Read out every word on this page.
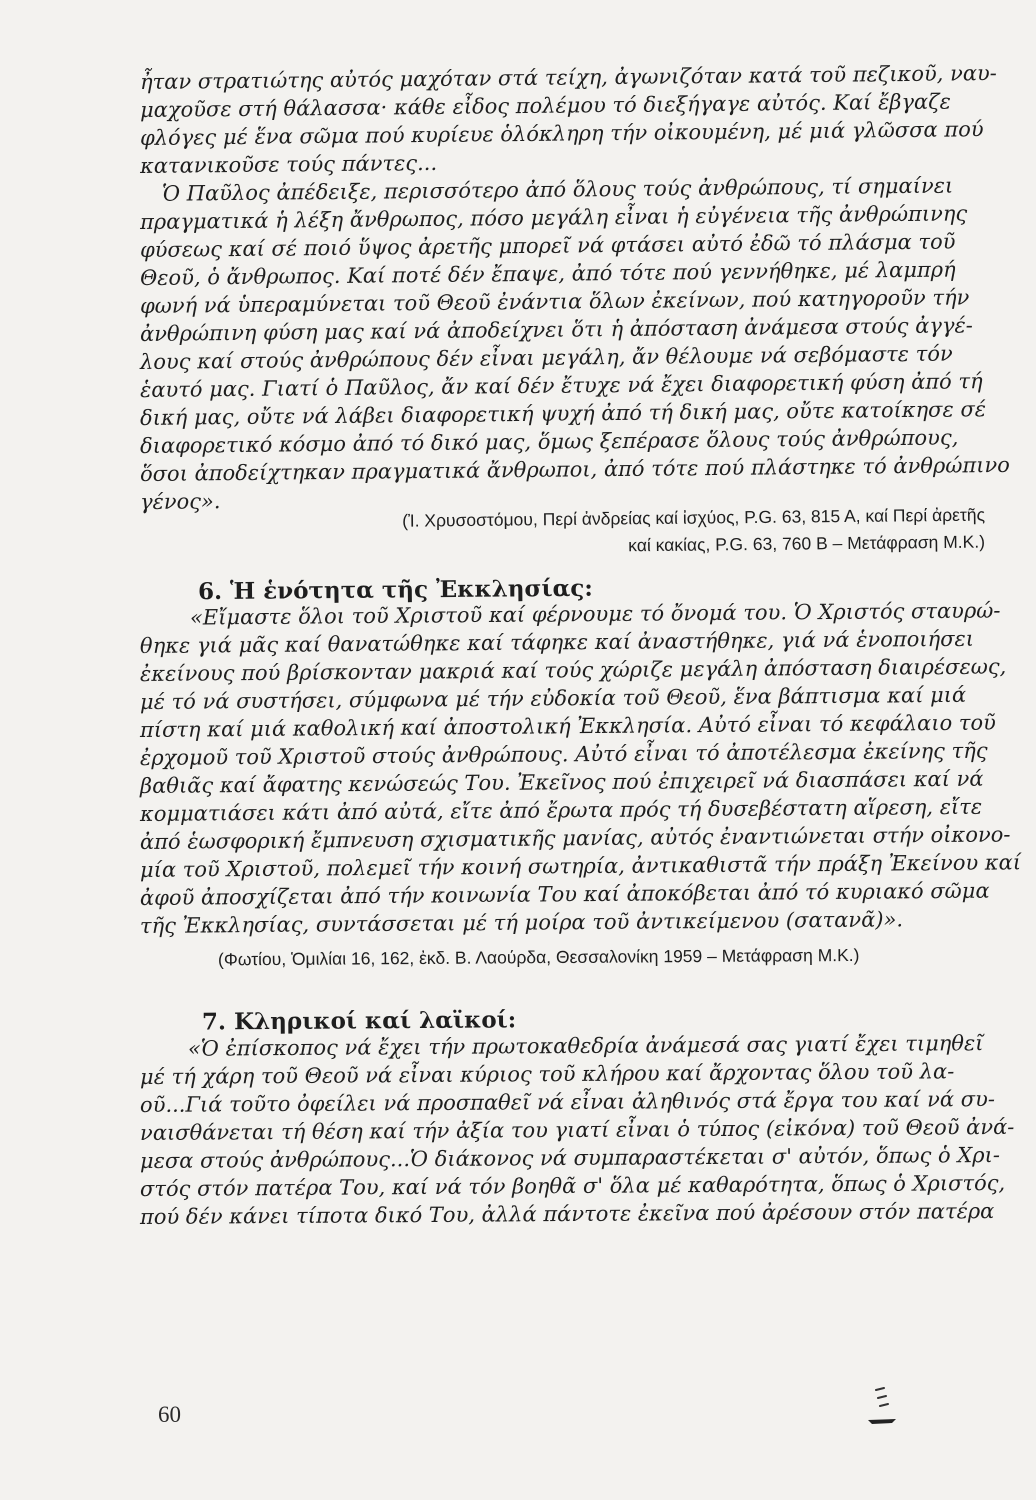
ἦταν στρατιώτης αὐτός μαχόταν στά τείχη, ἀγωνιζόταν κατά τοῦ πεζικοῦ, ναυ-
μαχοῦσε στή θάλασσα· κάθε εἶδος πολέμου τό διεξήγαγε αὐτός. Καί ἔβγαζε
φλόγες μέ ἕνα σῶμα πού κυρίευε ὁλόκληρη τήν οἰκουμένη, μέ μιά γλῶσσα πού
κατανικοῦσε τούς πάντες...
Ὁ Παῦλος ἀπέδειξε, περισσότερο ἀπό ὅλους τούς ἀνθρώπους, τί σημαίνει
πραγματικά ἡ λέξη ἄνθρωπος, πόσο μεγάλη εἶναι ἡ εὐγένεια τῆς ἀνθρώπινης
φύσεως καί σέ ποιό ὕψος ἀρετῆς μπορεῖ νά φτάσει αὐτό ἐδῶ τό πλάσμα τοῦ
Θεοῦ, ὁ ἄνθρωπος. Καί ποτέ δέν ἔπαψε, ἀπό τότε πού γεννήθηκε, μέ λαμπρή
φωνή νά ὑπεραμύνεται τοῦ Θεοῦ ἐνάντια ὅλων ἐκείνων, πού κατηγοροῦν τήν
ἀνθρώπινη φύση μας καί νά ἀποδείχνει ὅτι ἡ ἀπόσταση ἀνάμεσα στούς ἀγγέ-
λους καί στούς ἀνθρώπους δέν εἶναι μεγάλη, ἄν θέλουμε νά σεβόμαστε τόν
ἑαυτό μας. Γιατί ὁ Παῦλος, ἄν καί δέν ἔτυχε νά ἔχει διαφορετική φύση ἀπό τή
δική μας, οὔτε νά λάβει διαφορετική ψυχή ἀπό τή δική μας, οὔτε κατοίκησε σέ
διαφορετικό κόσμο ἀπό τό δικό μας, ὅμως ξεπέρασε ὅλους τούς ἀνθρώπους,
ὅσοι ἀποδείχτηκαν πραγματικά ἄνθρωποι, ἀπό τότε πού πλάστηκε τό ἀνθρώπινο
γένος».
(Ἰ. Χρυσοστόμου, Περί ἀνδρείας καί ἰσχύος, P.G. 63, 815 A, καί Περί ἀρετῆς
καί κακίας, P.G. 63, 760 B – Μετάφραση Μ.Κ.)
6. Ἡ ἑνότητα τῆς Ἐκκλησίας:
«Εἴμαστε ὅλοι τοῦ Χριστοῦ καί φέρνουμε τό ὄνομά του. Ὁ Χριστός σταυρώ-
θηκε γιά μᾶς καί θανατώθηκε καί τάφηκε καί ἀναστήθηκε, γιά νά ἑνοποιήσει
ἐκείνους πού βρίσκονταν μακριά καί τούς χώριζε μεγάλη ἀπόσταση διαιρέσεως,
μέ τό νά συστήσει, σύμφωνα μέ τήν εὐδοκία τοῦ Θεοῦ, ἕνα βάπτισμα καί μιά
πίστη καί μιά καθολική καί ἀποστολική Ἐκκλησία. Αὐτό εἶναι τό κεφάλαιο τοῦ
ἐρχομοῦ τοῦ Χριστοῦ στούς ἀνθρώπους. Αὐτό εἶναι τό ἀποτέλεσμα ἐκείνης τῆς
βαθιᾶς καί ἄφατης κενώσεώς Του. Ἐκεῖνος πού ἐπιχειρεῖ νά διασπάσει καί νά
κομματιάσει κάτι ἀπό αὐτά, εἴτε ἀπό ἔρωτα πρός τή δυσεβέστατη αἵρεση, εἴτε
ἀπό ἑωσφορική ἔμπνευση σχισματικῆς μανίας, αὐτός ἐναντιώνεται στήν οἰκονο-
μία τοῦ Χριστοῦ, πολεμεῖ τήν κοινή σωτηρία, ἀντικαθιστᾶ τήν πράξη Ἐκείνου καί
ἀφοῦ ἀποσχίζεται ἀπό τήν κοινωνία Του καί ἀποκόβεται ἀπό τό κυριακό σῶμα
τῆς Ἐκκλησίας, συντάσσεται μέ τή μοίρα τοῦ ἀντικείμενου (σατανᾶ)».
(Φωτίου, Ὁμιλίαι 16, 162, ἐκδ. Β. Λαούρδα, Θεσσαλονίκη 1959 – Μετάφραση Μ.Κ.)
7. Κληρικοί καί λαϊκοί:
«Ὁ ἐπίσκοπος νά ἔχει τήν πρωτοκαθεδρία ἀνάμεσά σας γιατί ἔχει τιμηθεῖ
μέ τή χάρη τοῦ Θεοῦ νά εἶναι κύριος τοῦ κλήρου καί ἄρχοντας ὅλου τοῦ λα-
οῦ...Γιά τοῦτο ὀφείλει νά προσπαθεῖ νά εἶναι ἀληθινός στά ἔργα του καί νά συ-
ναισθάνεται τή θέση καί τήν ἀξία του γιατί εἶναι ὁ τύπος (εἰκόνα) τοῦ Θεοῦ ἀνά-
μεσα στούς ἀνθρώπους...Ὁ διάκονος νά συμπαραστέκεται σ' αὐτόν, ὅπως ὁ Χρι-
στός στόν πατέρα Του, καί νά τόν βοηθᾶ σ' ὅλα μέ καθαρότητα, ὅπως ὁ Χριστός,
πού δέν κάνει τίποτα δικό Του, ἀλλά πάντοτε ἐκεῖνα πού ἀρέσουν στόν πατέρα
60
